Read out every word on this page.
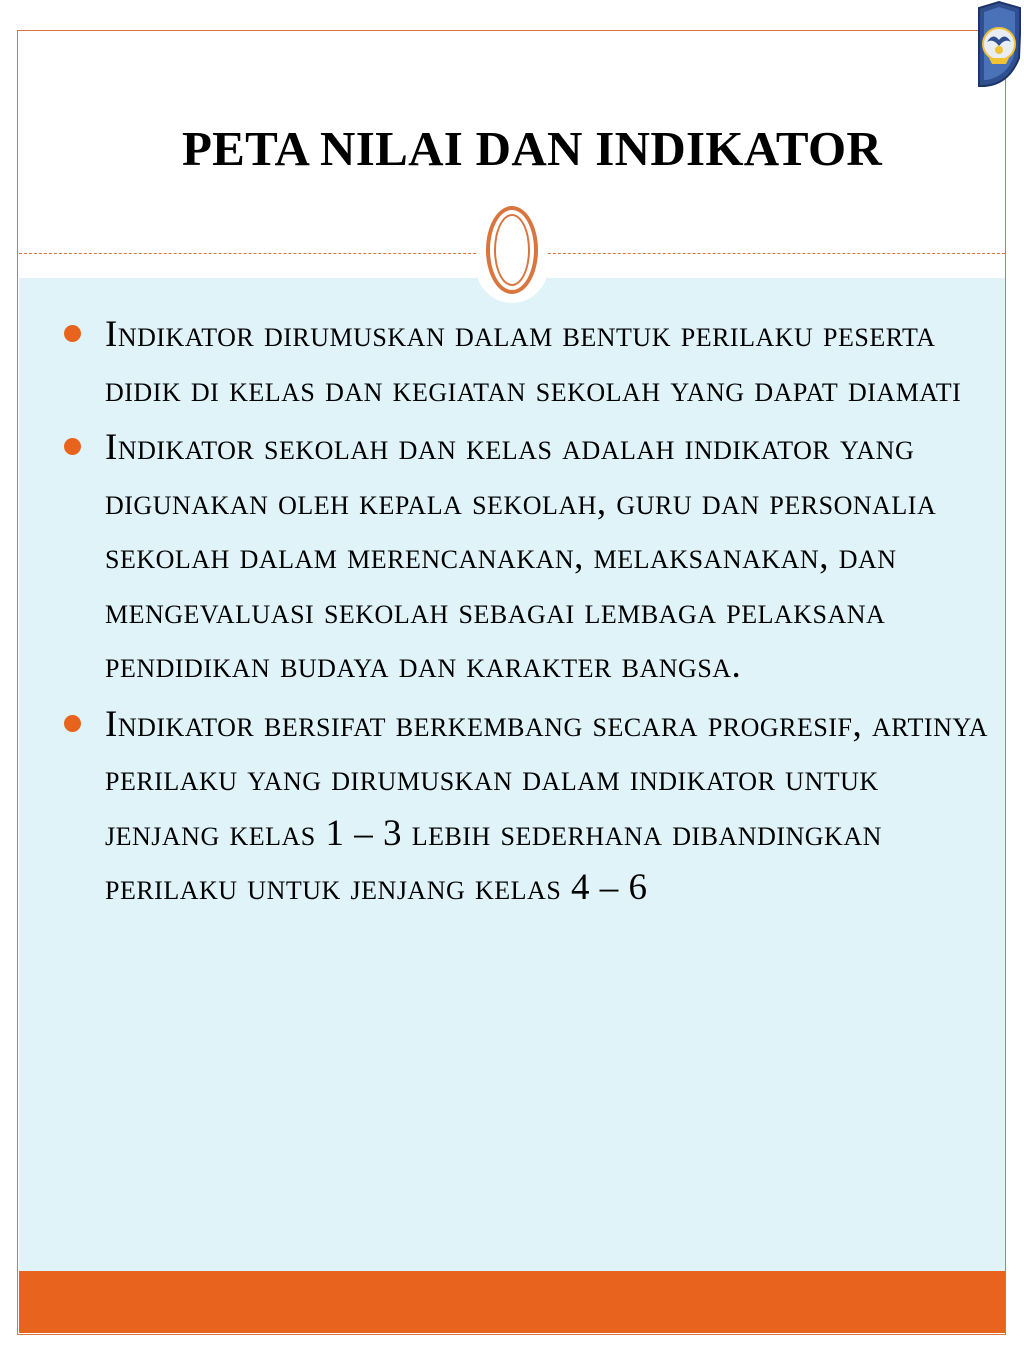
PETA NILAI DAN INDIKATOR
Indikator dirumuskan dalam bentuk perilaku peserta didik di kelas dan kegiatan sekolah yang dapat diamati
Indikator sekolah dan kelas adalah indikator yang digunakan oleh kepala sekolah, guru dan personalia sekolah dalam merencanakan, melaksanakan, dan mengevaluasi sekolah sebagai lembaga pelaksana pendidikan budaya dan karakter bangsa.
Indikator bersifat berkembang secara progresif, artinya perilaku yang dirumuskan dalam indikator untuk jenjang kelas 1 – 3 lebih sederhana dibandingkan perilaku untuk jenjang kelas 4 – 6
